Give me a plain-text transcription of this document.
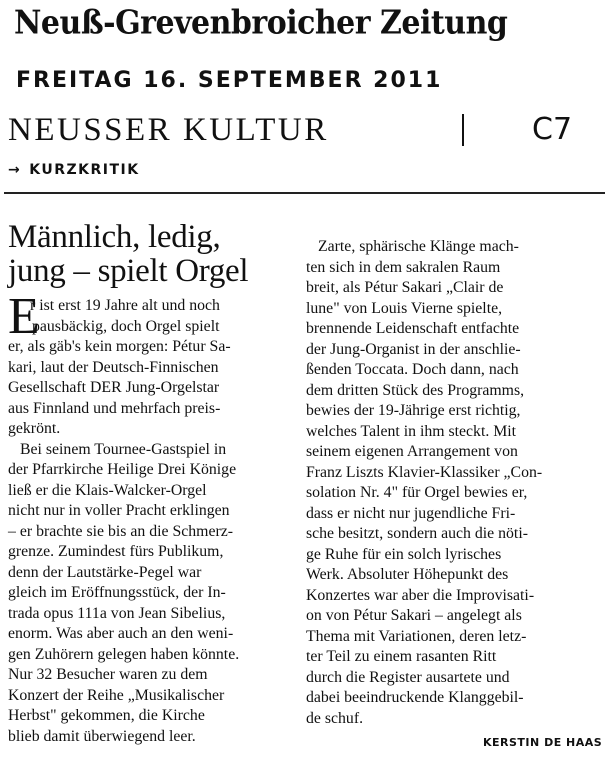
Neuß-Grevenbroicher Zeitung
FREITAG 16. SEPTEMBER 2011
NEUSSER KULTUR	C7
→ KURZKRITIK
Männlich, ledig,
jung – spielt Orgel
E
r ist erst 19 Jahre alt und noch
pausbäckig, doch Orgel spielt
er, als gäb's kein morgen: Pétur Sa-
kari, laut der Deutsch-Finnischen
Gesellschaft DER Jung-Orgelstar
aus Finnland und mehrfach preis-
gekrönt.
Bei seinem Tournee-Gastspiel in
der Pfarrkirche Heilige Drei Könige
ließ er die Klais-Walcker-Orgel
nicht nur in voller Pracht erklingen
– er brachte sie bis an die Schmerz-
grenze. Zumindest fürs Publikum,
denn der Lautstärke-Pegel war
gleich im Eröffnungsstück, der In-
trada opus 111a von Jean Sibelius,
enorm. Was aber auch an den weni-
gen Zuhörern gelegen haben könnte.
Nur 32 Besucher waren zu dem
Konzert der Reihe „Musikalischer
Herbst" gekommen, die Kirche
blieb damit überwiegend leer.
Zarte, sphärische Klänge mach-
ten sich in dem sakralen Raum
breit, als Pétur Sakari „Clair de
lune" von Louis Vierne spielte,
brennende Leidenschaft entfachte
der Jung-Organist in der anschlie-
ßenden Toccata. Doch dann, nach
dem dritten Stück des Programms,
bewies der 19-Jährige erst richtig,
welches Talent in ihm steckt. Mit
seinem eigenen Arrangement von
Franz Liszts Klavier-Klassiker „Con-
solation Nr. 4" für Orgel bewies er,
dass er nicht nur jugendliche Fri-
sche besitzt, sondern auch die nöti-
ge Ruhe für ein solch lyrisches
Werk. Absoluter Höhepunkt des
Konzertes war aber die Improvisati-
on von Pétur Sakari – angelegt als
Thema mit Variationen, deren letz-
ter Teil zu einem rasanten Ritt
durch die Register ausartete und
dabei beeindruckende Klanggebil-
de schuf.
KERSTIN DE HAAS
